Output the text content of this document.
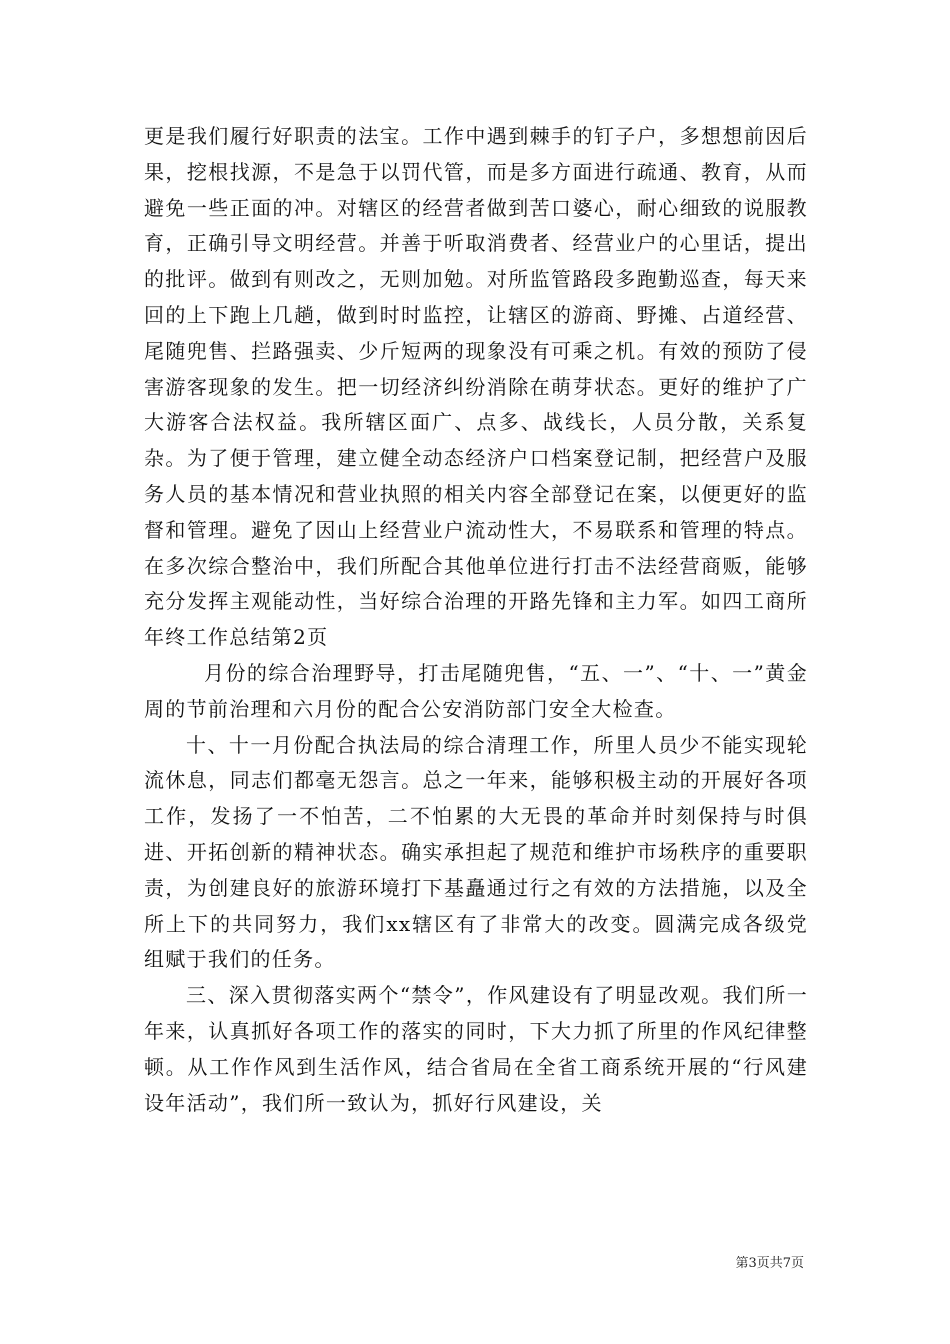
更是我们履行好职责的法宝。工作中遇到棘手的钉子户，多想想前因后果，挖根找源，不是急于以罚代管，而是多方面进行疏通、教育，从而避免一些正面的冲。对辖区的经营者做到苦口婆心，耐心细致的说服教育，正确引导文明经营。并善于听取消费者、经营业户的心里话，提出的批评。做到有则改之，无则加勉。对所监管路段多跑勤巡查，每天来回的上下跑上几趟，做到时时监控，让辖区的游商、野摊、占道经营、尾随兜售、拦路强卖、少斤短两的现象没有可乘之机。有效的预防了侵害游客现象的发生。把一切经济纠纷消除在萌芽状态。更好的维护了广大游客合法权益。我所辖区面广、点多、战线长，人员分散，关系复杂。为了便于管理，建立健全动态经济户口档案登记制，把经营户及服务人员的基本情况和营业执照的相关内容全部登记在案，以便更好的监督和管理。避免了因山上经营业户流动性大，不易联系和管理的特点。在多次综合整治中，我们所配合其他单位进行打击不法经营商贩，能够充分发挥主观能动性，当好综合治理的开路先锋和主力军。如四工商所年终工作总结第2页

月份的综合治理野导，打击尾随兜售，“五、一”、“十、一”黄金周的节前治理和六月份的配合公安消防部门安全大检查。

十、十一月份配合执法局的综合清理工作，所里人员少不能实现轮流休息，同志们都毫无怨言。总之一年来，能够积极主动的开展好各项工作，发扬了一不怕苦，二不怕累的大无畏的革命并时刻保持与时俱进、开拓创新的精神状态。确实承担起了规范和维护市场秩序的重要职责，为创建良好的旅游环境打下基矗通过行之有效的方法措施，以及全所上下的共同努力，我们xx辖区有了非常大的改变。圆满完成各级党组赋于我们的任务。

三、深入贯彻落实两个“禁令”，作风建设有了明显改观。我们所一年来，认真抓好各项工作的落实的同时，下大力抓了所里的作风纪律整顿。从工作作风到生活作风，结合省局在全省工商系统开展的“行风建设年活动”，我们所一致认为，抓好行风建设，关

第3页共7页
